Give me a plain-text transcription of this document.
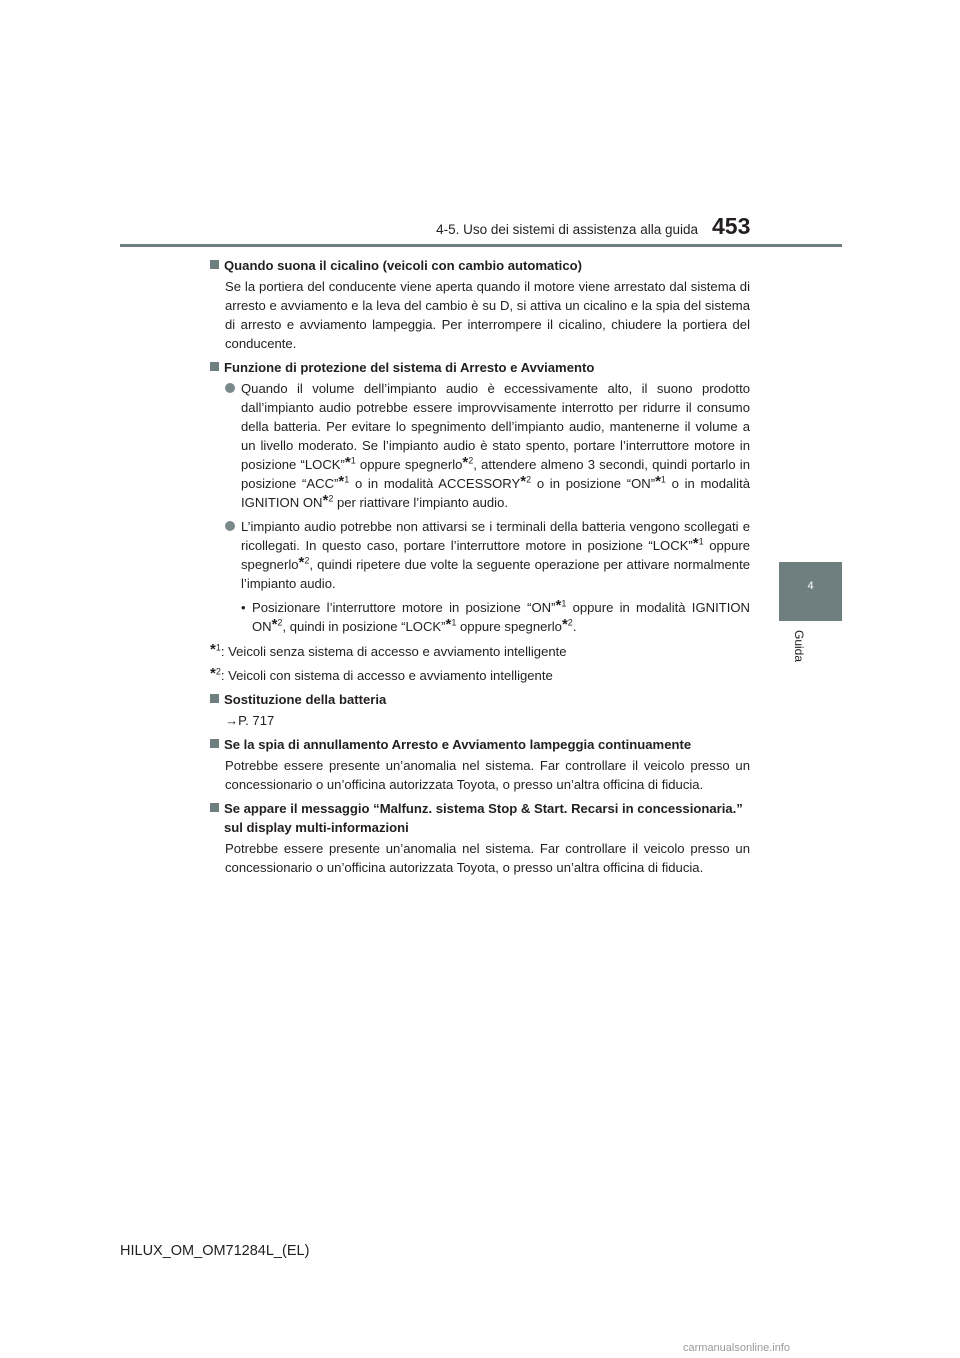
4-5. Uso dei sistemi di assistenza alla guida 453
4
Guida
Quando suona il cicalino (veicoli con cambio automatico)
Se la portiera del conducente viene aperta quando il motore viene arrestato dal sistema di arresto e avviamento e la leva del cambio è su D, si attiva un cicalino e la spia del sistema di arresto e avviamento lampeggia. Per interrompere il cicalino, chiudere la portiera del conducente.
Funzione di protezione del sistema di Arresto e Avviamento
Quando il volume dell’impianto audio è eccessivamente alto, il suono prodotto dall’impianto audio potrebbe essere improvvisamente interrotto per ridurre il consumo della batteria. Per evitare lo spegnimento dell’impianto audio, mantenerne il volume a un livello moderato. Se l’impianto audio è stato spento, portare l’interruttore motore in posizione “LOCK”*$^1$ oppure spegnerlo*$^2$, attendere almeno 3 secondi, quindi portarlo in posizione “ACC”*$^1$ o in modalità ACCESSORY*$^2$ o in posizione “ON”*$^1$ o in modalità IGNITION ON*$^2$ per riattivare l’impianto audio.
L’impianto audio potrebbe non attivarsi se i terminali della batteria vengono scollegati e ricollegati. In questo caso, portare l’interruttore motore in posizione “LOCK”*$^1$ oppure spegnerlo*$^2$, quindi ripetere due volte la seguente operazione per attivare normalmente l’impianto audio.
• Posizionare l’interruttore motore in posizione “ON”*$^1$ oppure in modalità IGNITION ON*$^2$, quindi in posizione “LOCK”*$^1$ oppure spegnerlo*$^2$.
*$^1$: Veicoli senza sistema di accesso e avviamento intelligente
*$^2$: Veicoli con sistema di accesso e avviamento intelligente
Sostituzione della batteria
→P. 717
Se la spia di annullamento Arresto e Avviamento lampeggia continuamente
Potrebbe essere presente un’anomalia nel sistema. Far controllare il veicolo presso un concessionario o un’officina autorizzata Toyota, o presso un’altra officina di fiducia.
Se appare il messaggio “Malfunz. sistema Stop & Start. Recarsi in concessionaria.” sul display multi-informazioni
Potrebbe essere presente un’anomalia nel sistema. Far controllare il veicolo presso un concessionario o un’officina autorizzata Toyota, o presso un’altra officina di fiducia.
HILUX_OM_OM71284L_(EL)
carmanualsonline.info
